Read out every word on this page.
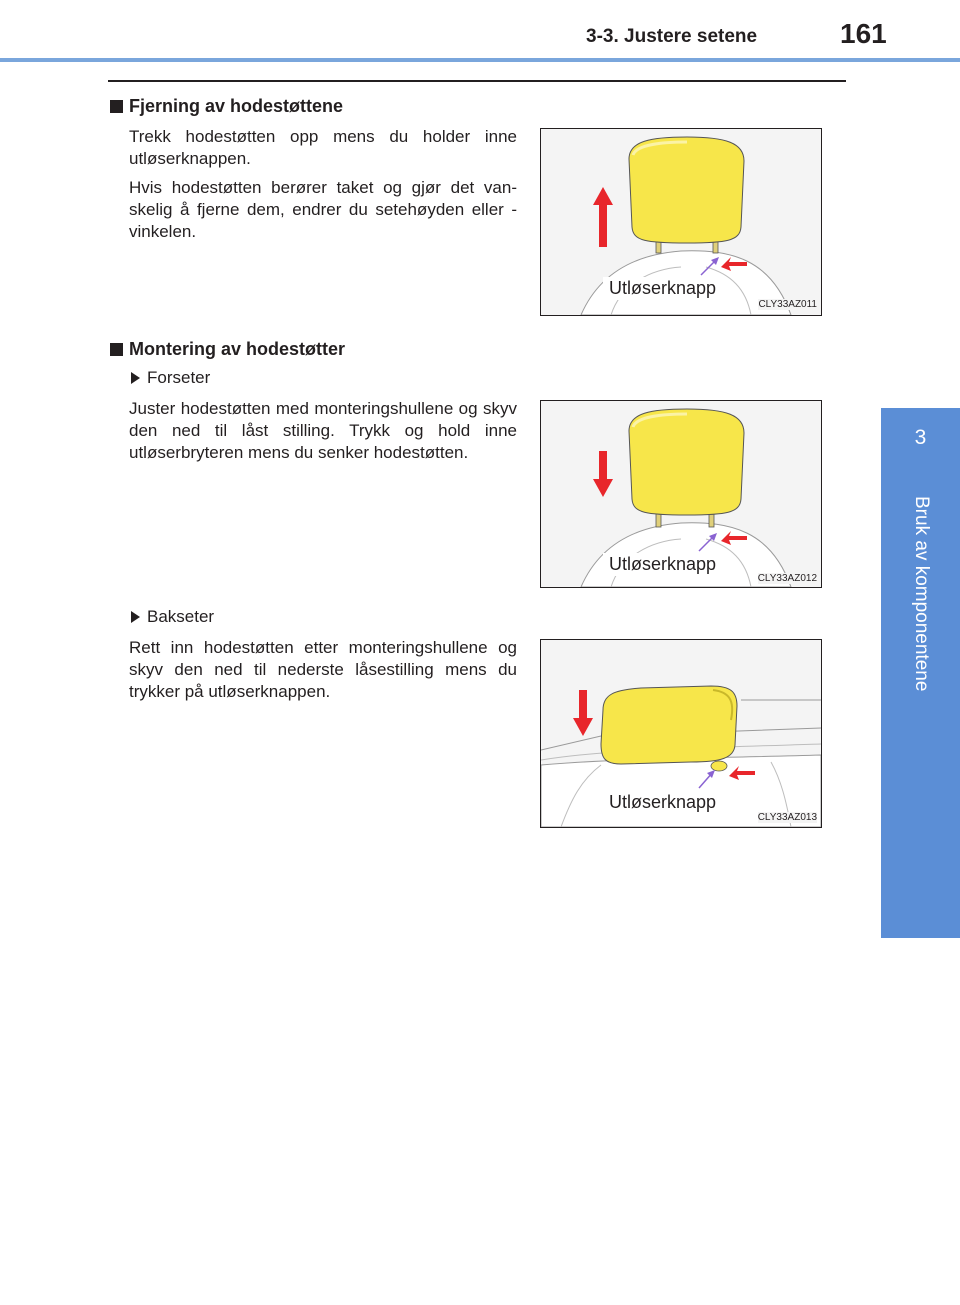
3-3. Justere setene	161
3
Bruk av komponentene
Fjerning av hodestøttene

Trekk hodestøtten opp mens du holder inne utløserknappen.

Hvis hodestøtten berører taket og gjør det van-skelig å fjerne dem, endrer du setehøyden eller -vinkelen.

Utløserknapp
CLY33AZ011
Montering av hodestøtter
Forseter

Juster hodestøtten med monteringshullene og skyv den ned til låst stilling. Trykk og hold inne utløserbryteren mens du senker hodestøtten.

Utløserknapp
CLY33AZ012
Bakseter

Rett inn hodestøtten etter monteringshullene og skyv den ned til nederste låsestilling mens du trykker på utløserknappen.

Utløserknapp
CLY33AZ013
